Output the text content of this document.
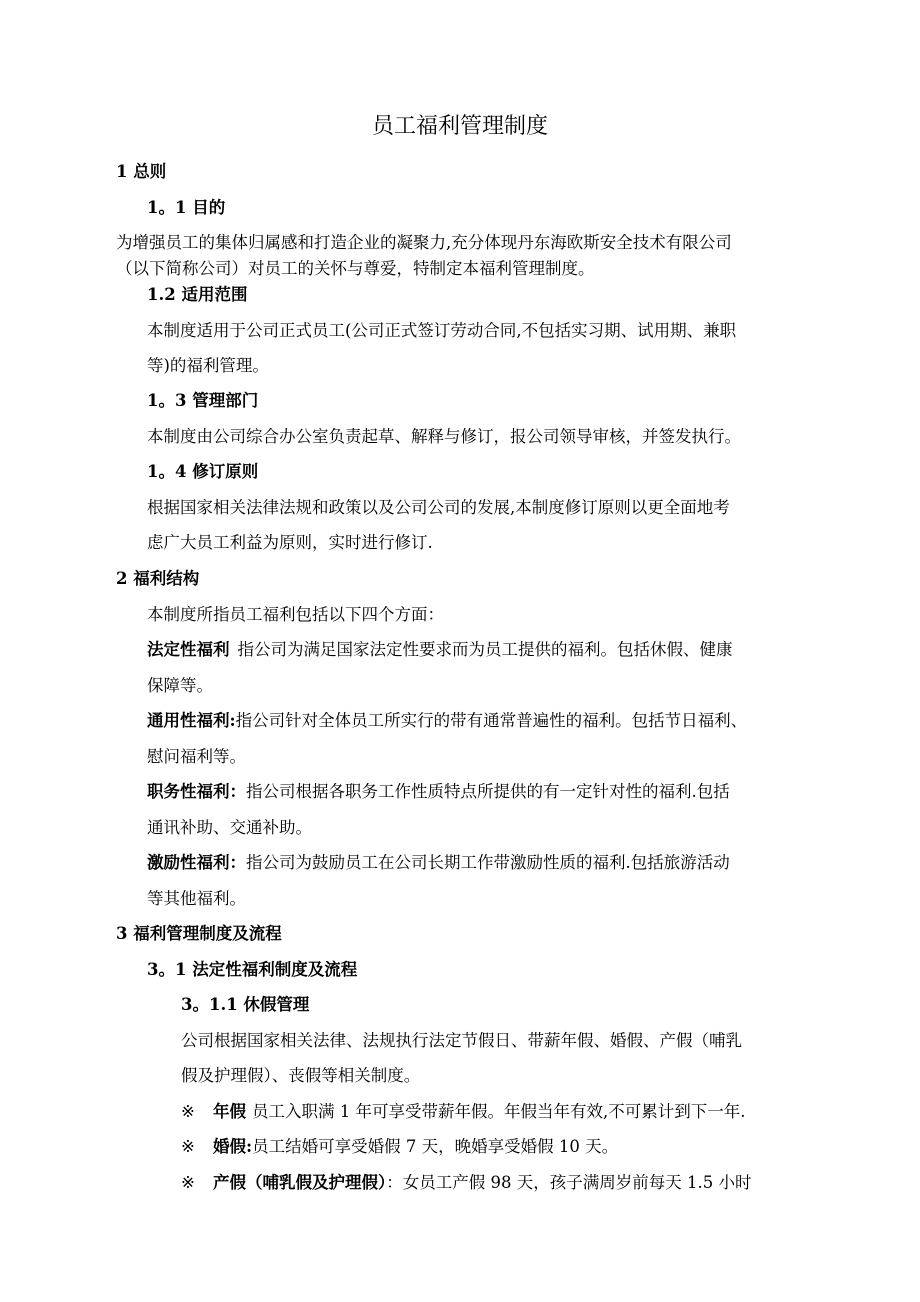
员工福利管理制度
1 总则
1。1 目的
为增强员工的集体归属感和打造企业的凝聚力,充分体现丹东海欧斯安全技术有限公司
（以下简称公司）对员工的关怀与尊爱，特制定本福利管理制度。
1.2 适用范围
本制度适用于公司正式员工(公司正式签订劳动合同,不包括实习期、试用期、兼职
等)的福利管理。
1。3 管理部门
本制度由公司综合办公室负责起草、解释与修订，报公司领导审核，并签发执行。
1。4 修订原则
根据国家相关法律法规和政策以及公司公司的发展,本制度修订原则以更全面地考
虑广大员工利益为原则，实时进行修订.
2 福利结构
本制度所指员工福利包括以下四个方面：
法定性福利 指公司为满足国家法定性要求而为员工提供的福利。包括休假、健康
保障等。
通用性福利:指公司针对全体员工所实行的带有通常普遍性的福利。包括节日福利、
慰问福利等。
职务性福利：指公司根据各职务工作性质特点所提供的有一定针对性的福利.包括
通讯补助、交通补助。
激励性福利：指公司为鼓励员工在公司长期工作带激励性质的福利.包括旅游活动
等其他福利。
3 福利管理制度及流程
3。1 法定性福利制度及流程
3。1.1 休假管理
公司根据国家相关法律、法规执行法定节假日、带薪年假、婚假、产假（哺乳
假及护理假）、丧假等相关制度。
※ 年假 员工入职满 1 年可享受带薪年假。年假当年有效,不可累计到下一年.
※ 婚假:员工结婚可享受婚假 7 天，晚婚享受婚假 10 天。
※ 产假（哺乳假及护理假）：女员工产假 98 天，孩子满周岁前每天 1.5 小时
